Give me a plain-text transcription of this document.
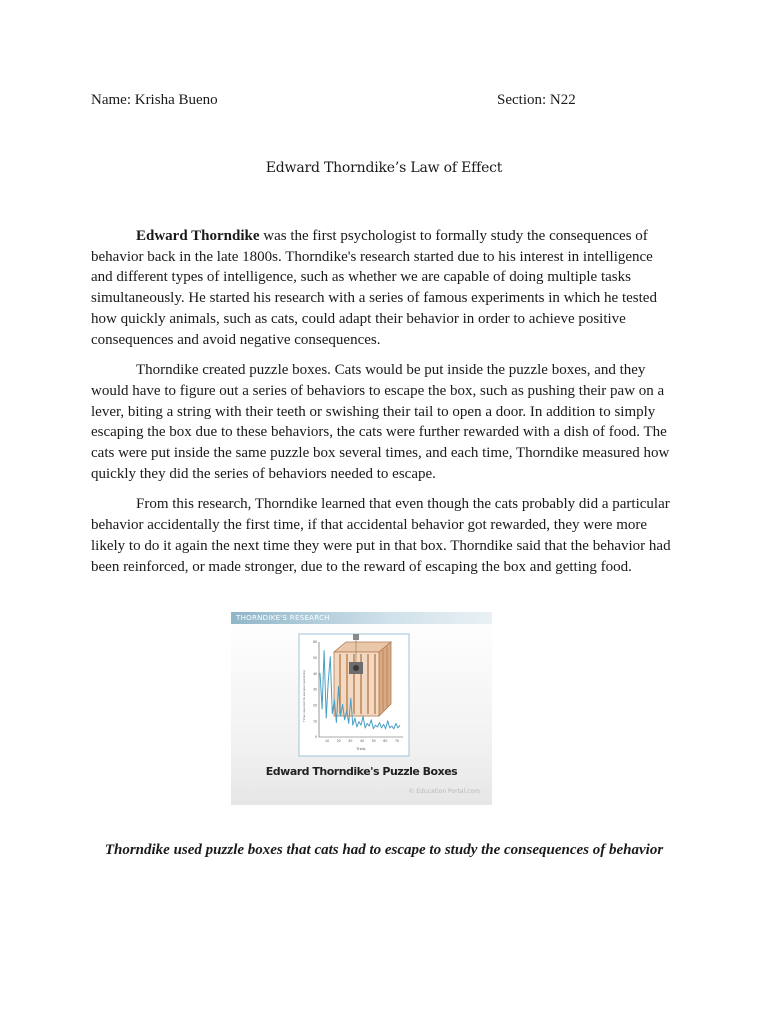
Name: Krisha Bueno	Section: N22
Edward Thorndike’s Law of Effect

Edward Thorndike was the first psychologist to formally study the consequences of behavior back in the late 1800s. Thorndike's research started due to his interest in intelligence and different types of intelligence, such as whether we are capable of doing multiple tasks simultaneously. He started his research with a series of famous experiments in which he tested how quickly animals, such as cats, could adapt their behavior in order to achieve positive consequences and avoid negative consequences.

Thorndike created puzzle boxes. Cats would be put inside the puzzle boxes, and they would have to figure out a series of behaviors to escape the box, such as pushing their paw on a lever, biting a string with their teeth or swishing their tail to open a door. In addition to simply escaping the box due to these behaviors, the cats were further rewarded with a dish of food. The cats were put inside the same puzzle box several times, and each time, Thorndike measured how quickly they did the series of behaviors needed to escape.

From this research, Thorndike learned that even though the cats probably did a particular behavior accidentally the first time, if that accidental behavior got rewarded, they were more likely to do it again the next time they were put in that box. Thorndike said that the behavior had been reinforced, or made stronger, due to the reward of escaping the box and getting food.

THORNDIKE'S RESEARCH
60
50
40
30
20
10
0
10 20 30 40 50 60 70
Time required to escape (seconds)
Trials
Edward Thorndike's Puzzle Boxes
© Education Portal.com
Thorndike used puzzle boxes that cats had to escape to study the consequences of behavior
